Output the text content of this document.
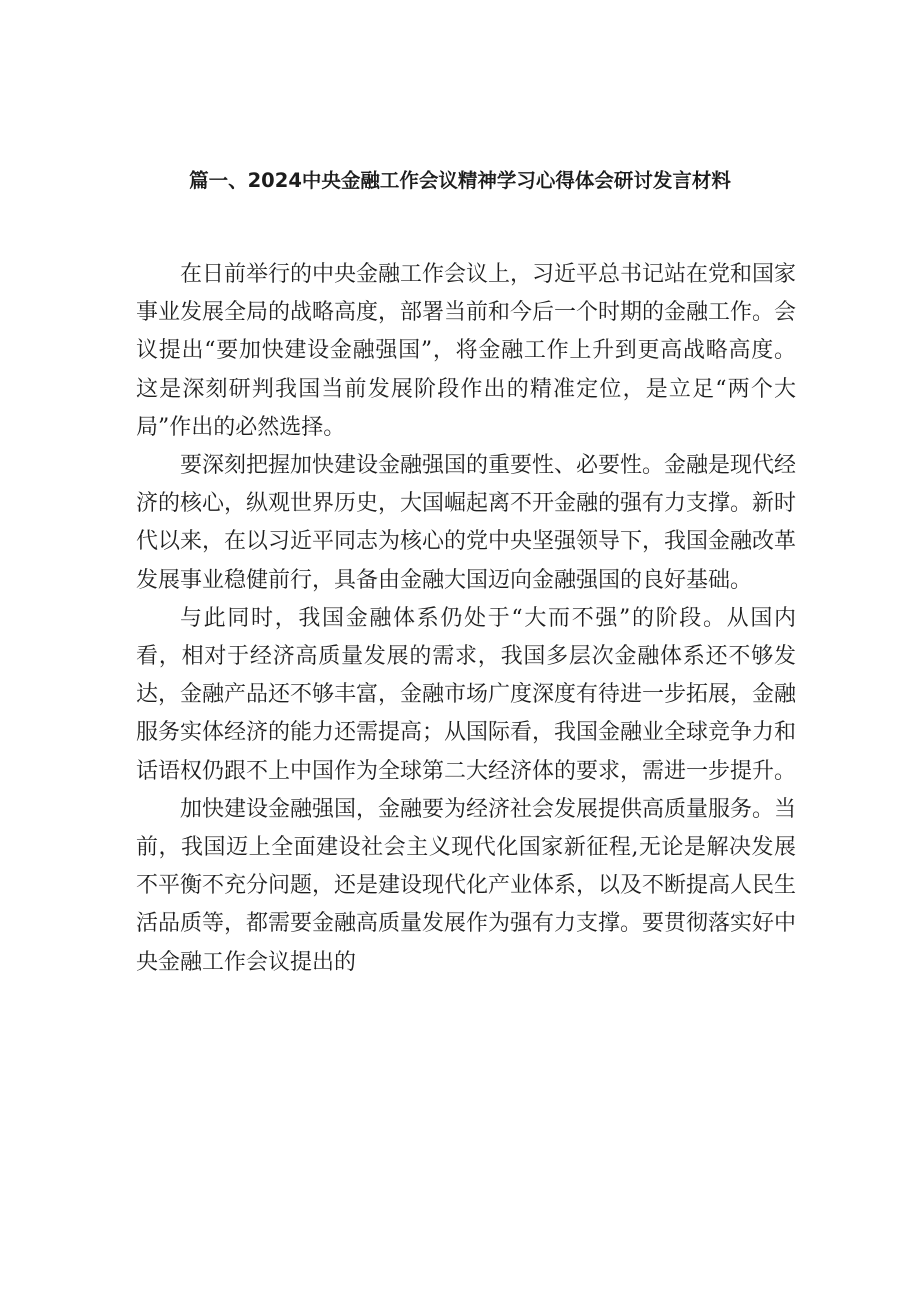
篇一、2024中央金融工作会议精神学习心得体会研讨发言材料

在日前举行的中央金融工作会议上，习近平总书记站在党和国家事业发展全局的战略高度，部署当前和今后一个时期的金融工作。会议提出“要加快建设金融强国”，将金融工作上升到更高战略高度。这是深刻研判我国当前发展阶段作出的精准定位，是立足“两个大局”作出的必然选择。

要深刻把握加快建设金融强国的重要性、必要性。金融是现代经济的核心，纵观世界历史，大国崛起离不开金融的强有力支撑。新时代以来，在以习近平同志为核心的党中央坚强领导下，我国金融改革发展事业稳健前行，具备由金融大国迈向金融强国的良好基础。

与此同时，我国金融体系仍处于“大而不强”的阶段。从国内看，相对于经济高质量发展的需求，我国多层次金融体系还不够发达，金融产品还不够丰富，金融市场广度深度有待进一步拓展，金融服务实体经济的能力还需提高；从国际看，我国金融业全球竞争力和话语权仍跟不上中国作为全球第二大经济体的要求，需进一步提升。

加快建设金融强国，金融要为经济社会发展提供高质量服务。当前，我国迈上全面建设社会主义现代化国家新征程,无论是解决发展不平衡不充分问题，还是建设现代化产业体系，以及不断提高人民生活品质等，都需要金融高质量发展作为强有力支撑。要贯彻落实好中央金融工作会议提出的
